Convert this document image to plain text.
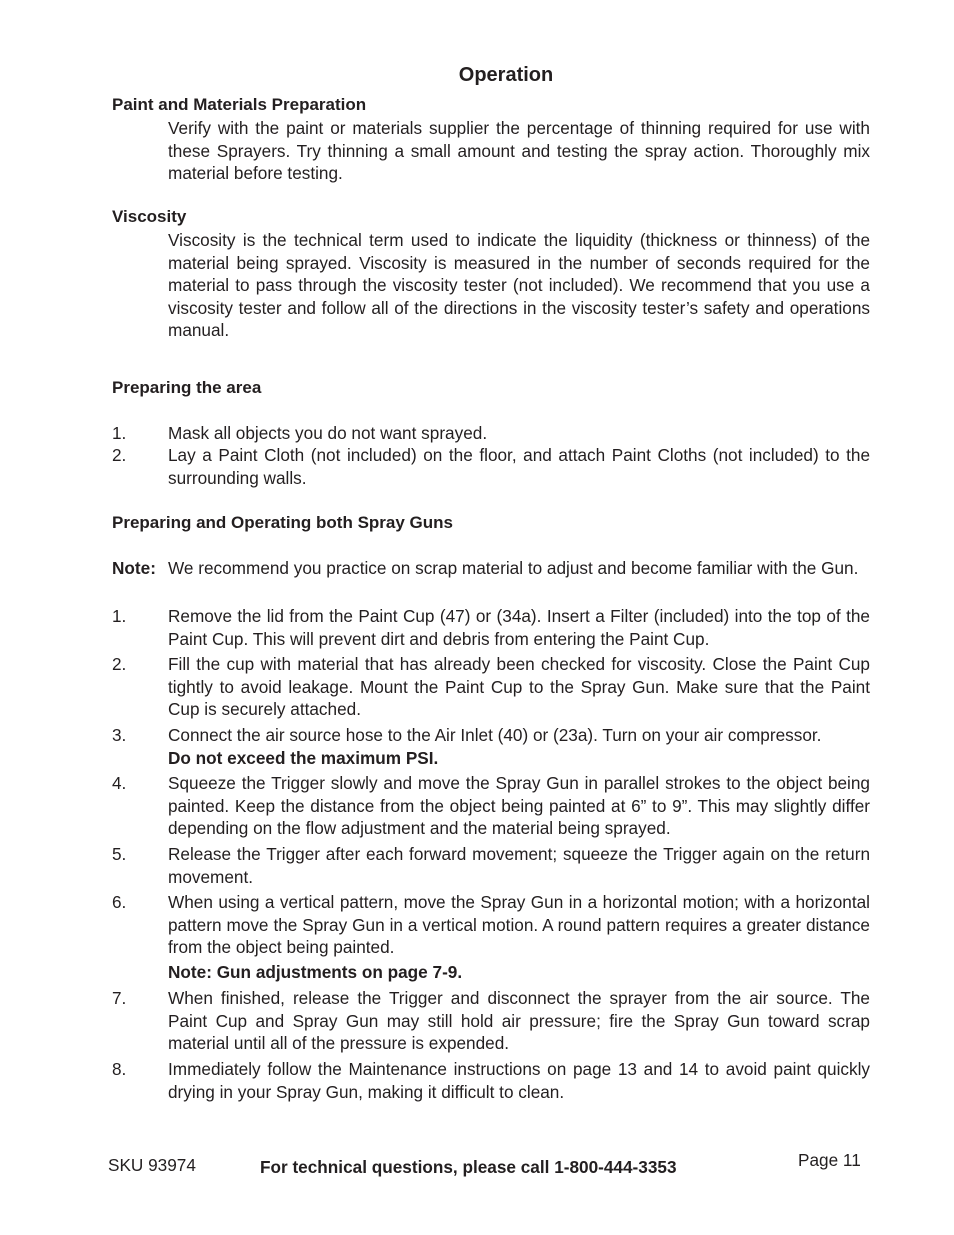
Operation
Paint and Materials Preparation

Verify with the paint or materials supplier the percentage of thinning required for use with these Sprayers. Try thinning a small amount and testing the spray action. Thoroughly mix material before testing.

Viscosity

Viscosity is the technical term used to indicate the liquidity (thickness or thinness) of the material being sprayed. Viscosity is measured in the number of seconds required for the material to pass through the viscosity tester (not included). We recommend that you use a viscosity tester and follow all of the directions in the viscosity tester’s safety and operations manual.

Preparing the area
1. Mask all objects you do not want sprayed.
2. Lay a Paint Cloth (not included) on the floor, and attach Paint Cloths (not included) to the surrounding walls.
Preparing and Operating both Spray Guns
Note: We recommend you practice on scrap material to adjust and become familiar with the Gun.
1. Remove the lid from the Paint Cup (47) or (34a). Insert a Filter (included) into the top of the Paint Cup. This will prevent dirt and debris from entering the Paint Cup.
2. Fill the cup with material that has already been checked for viscosity. Close the Paint Cup tightly to avoid leakage. Mount the Paint Cup to the Spray Gun. Make sure that the Paint Cup is securely attached.
3. Connect the air source hose to the Air Inlet (40) or (23a). Turn on your air compressor.
Do not exceed the maximum PSI.
4. Squeeze the Trigger slowly and move the Spray Gun in parallel strokes to the object being painted. Keep the distance from the object being painted at 6” to 9”. This may slightly differ depending on the flow adjustment and the material being sprayed.
5. Release the Trigger after each forward movement; squeeze the Trigger again on the return movement.
6. When using a vertical pattern, move the Spray Gun in a horizontal motion; with a horizontal pattern move the Spray Gun in a vertical motion. A round pattern requires a greater distance from the object being painted.
Note: Gun adjustments on page 7-9.
7. When finished, release the Trigger and disconnect the sprayer from the air source. The Paint Cup and Spray Gun may still hold air pressure; fire the Spray Gun toward scrap material until all of the pressure is expended.
8. Immediately follow the Maintenance instructions on page 13 and 14 to avoid paint quickly drying in your Spray Gun, making it difficult to clean.
SKU 93974	For technical questions, please call 1-800-444-3353	Page 11
